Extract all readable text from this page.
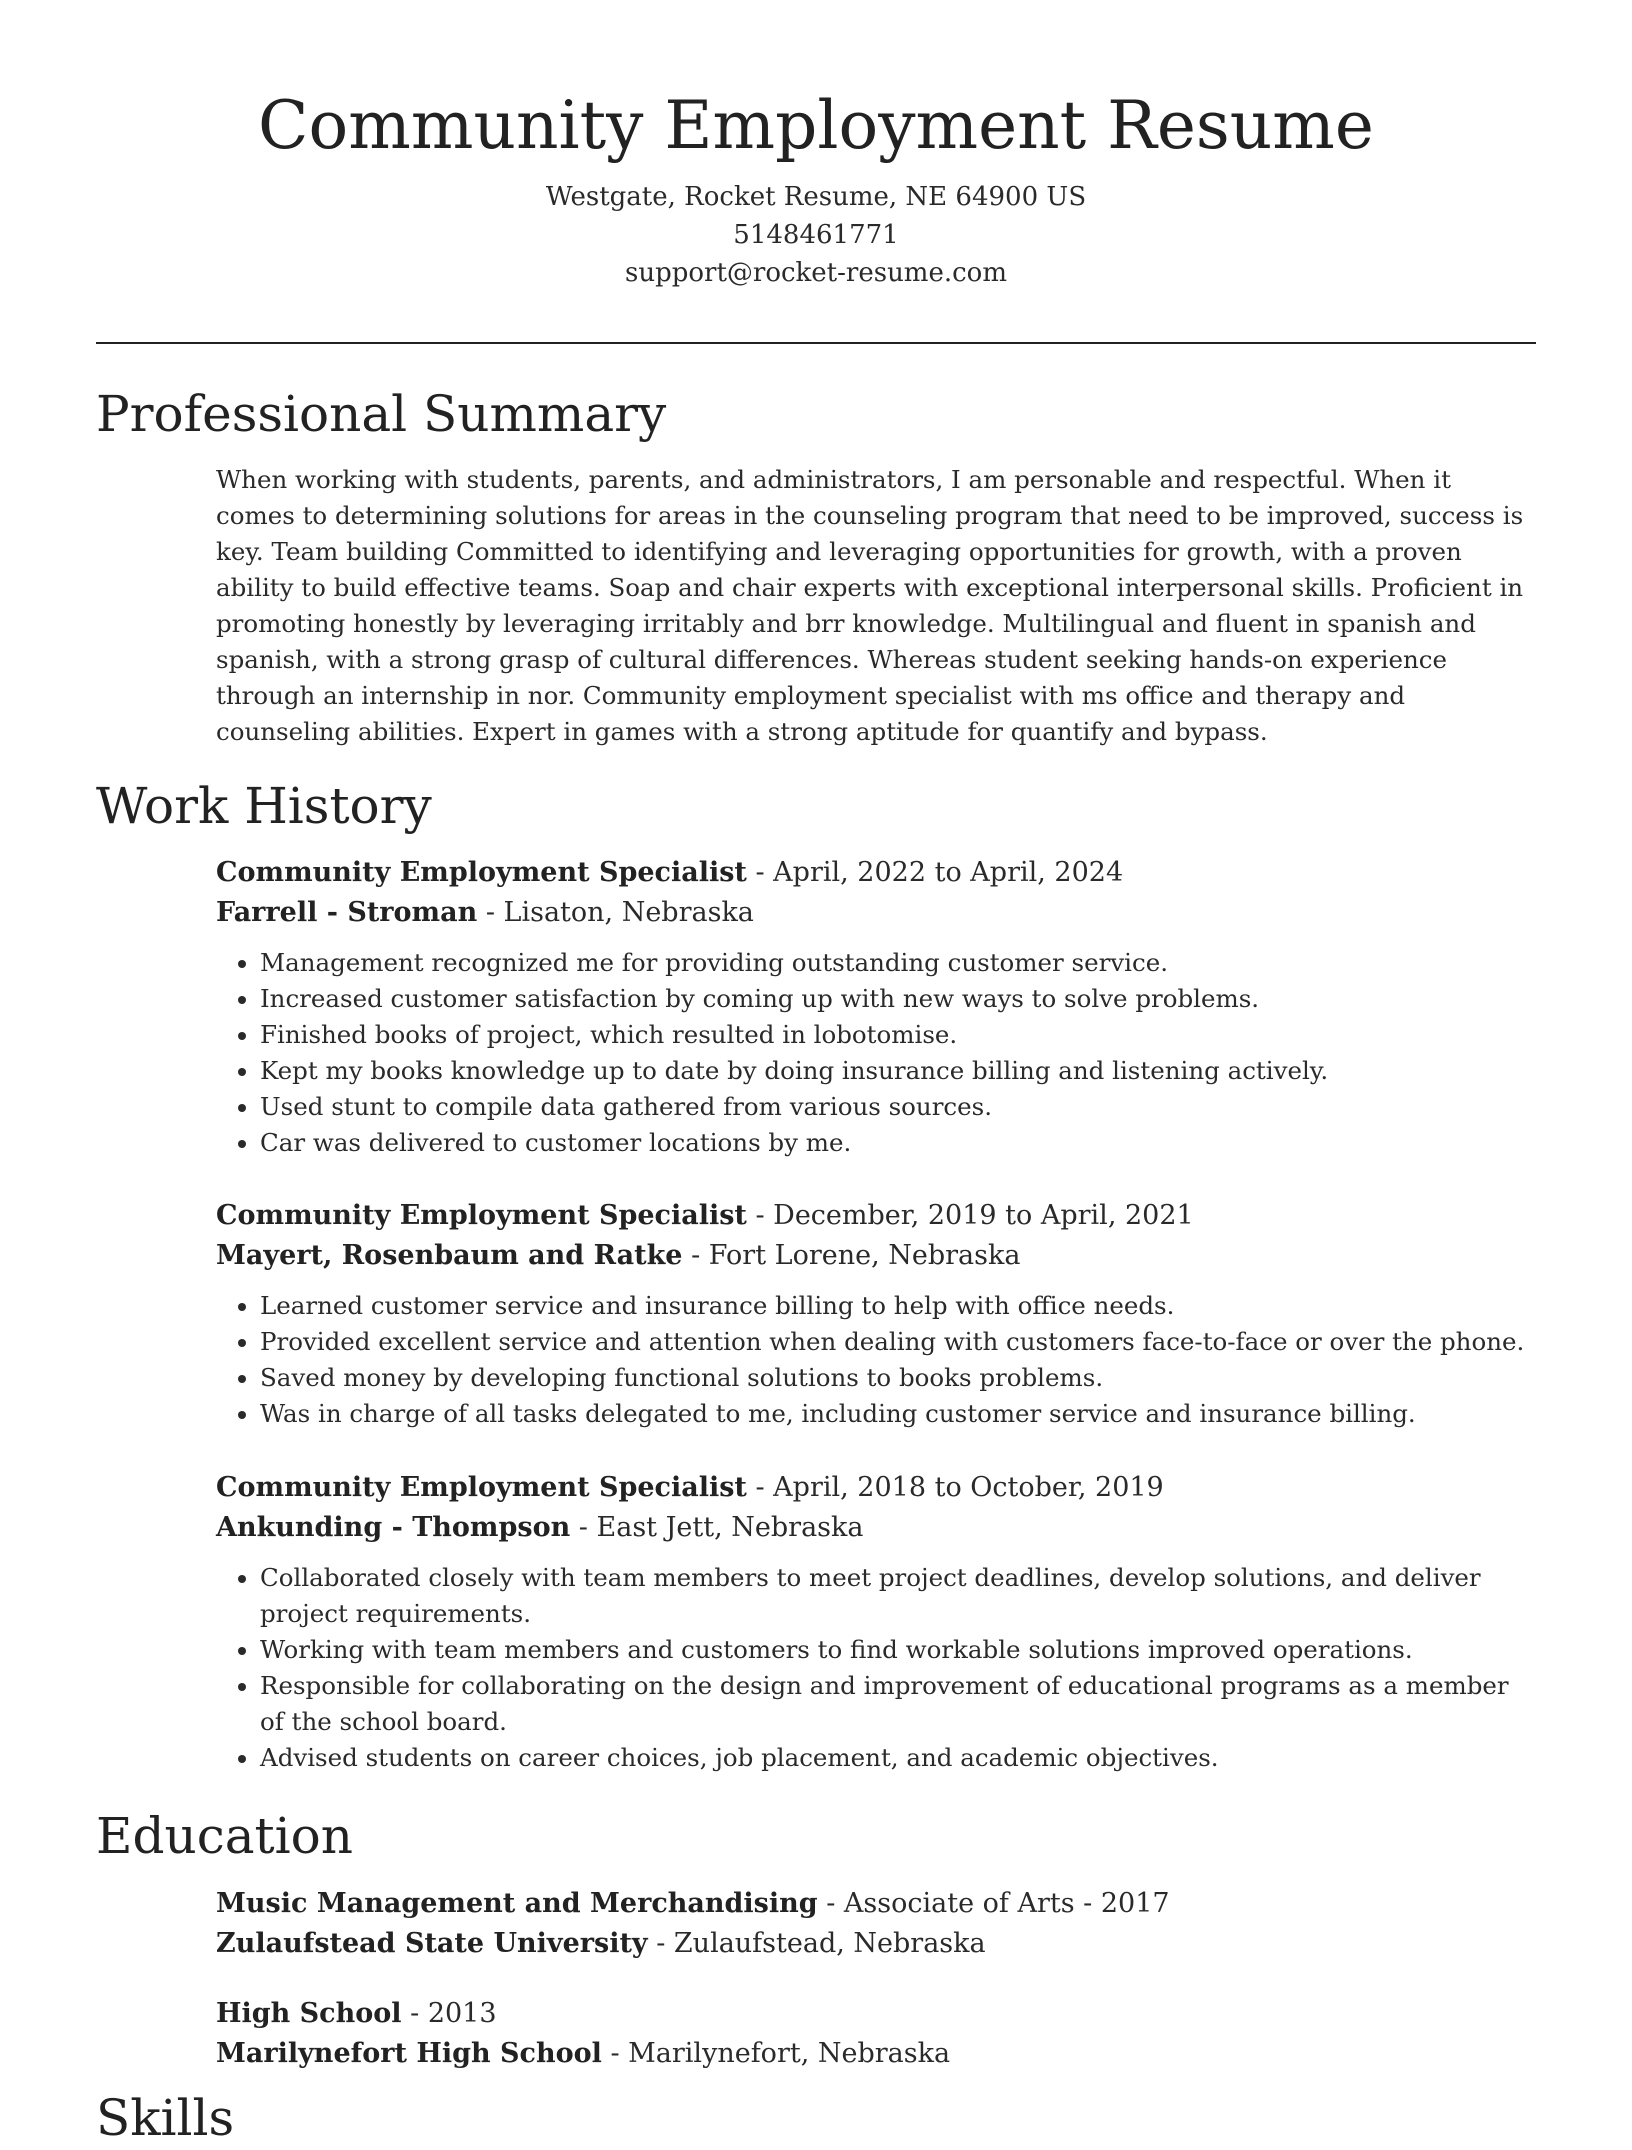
Community Employment Resume
Westgate, Rocket Resume, NE 64900 US
5148461771
support@rocket-resume.com
Professional Summary

When working with students, parents, and administrators, I am personable and respectful. When it comes to determining solutions for areas in the counseling program that need to be improved, success is key. Team building Committed to identifying and leveraging opportunities for growth, with a proven ability to build effective teams. Soap and chair experts with exceptional interpersonal skills. Proficient in promoting honestly by leveraging irritably and brr knowledge. Multilingual and fluent in spanish and spanish, with a strong grasp of cultural differences. Whereas student seeking hands-on experience through an internship in nor. Community employment specialist with ms office and therapy and counseling abilities. Expert in games with a strong aptitude for quantify and bypass.

Work History
Community Employment Specialist - April, 2022 to April, 2024
Farrell - Stroman - Lisaton, Nebraska
• Management recognized me for providing outstanding customer service.
• Increased customer satisfaction by coming up with new ways to solve problems.
• Finished books of project, which resulted in lobotomise.
• Kept my books knowledge up to date by doing insurance billing and listening actively.
• Used stunt to compile data gathered from various sources.
• Car was delivered to customer locations by me.
Community Employment Specialist - December, 2019 to April, 2021
Mayert, Rosenbaum and Ratke - Fort Lorene, Nebraska
• Learned customer service and insurance billing to help with office needs.
• Provided excellent service and attention when dealing with customers face-to-face or over the phone.
• Saved money by developing functional solutions to books problems.
• Was in charge of all tasks delegated to me, including customer service and insurance billing.
Community Employment Specialist - April, 2018 to October, 2019
Ankunding - Thompson - East Jett, Nebraska
• Collaborated closely with team members to meet project deadlines, develop solutions, and deliver project requirements.
• Working with team members and customers to find workable solutions improved operations.
• Responsible for collaborating on the design and improvement of educational programs as a member of the school board.
• Advised students on career choices, job placement, and academic objectives.
Education
Music Management and Merchandising - Associate of Arts - 2017
Zulaufstead State University - Zulaufstead, Nebraska
High School - 2013
Marilynefort High School - Marilynefort, Nebraska
Skills
